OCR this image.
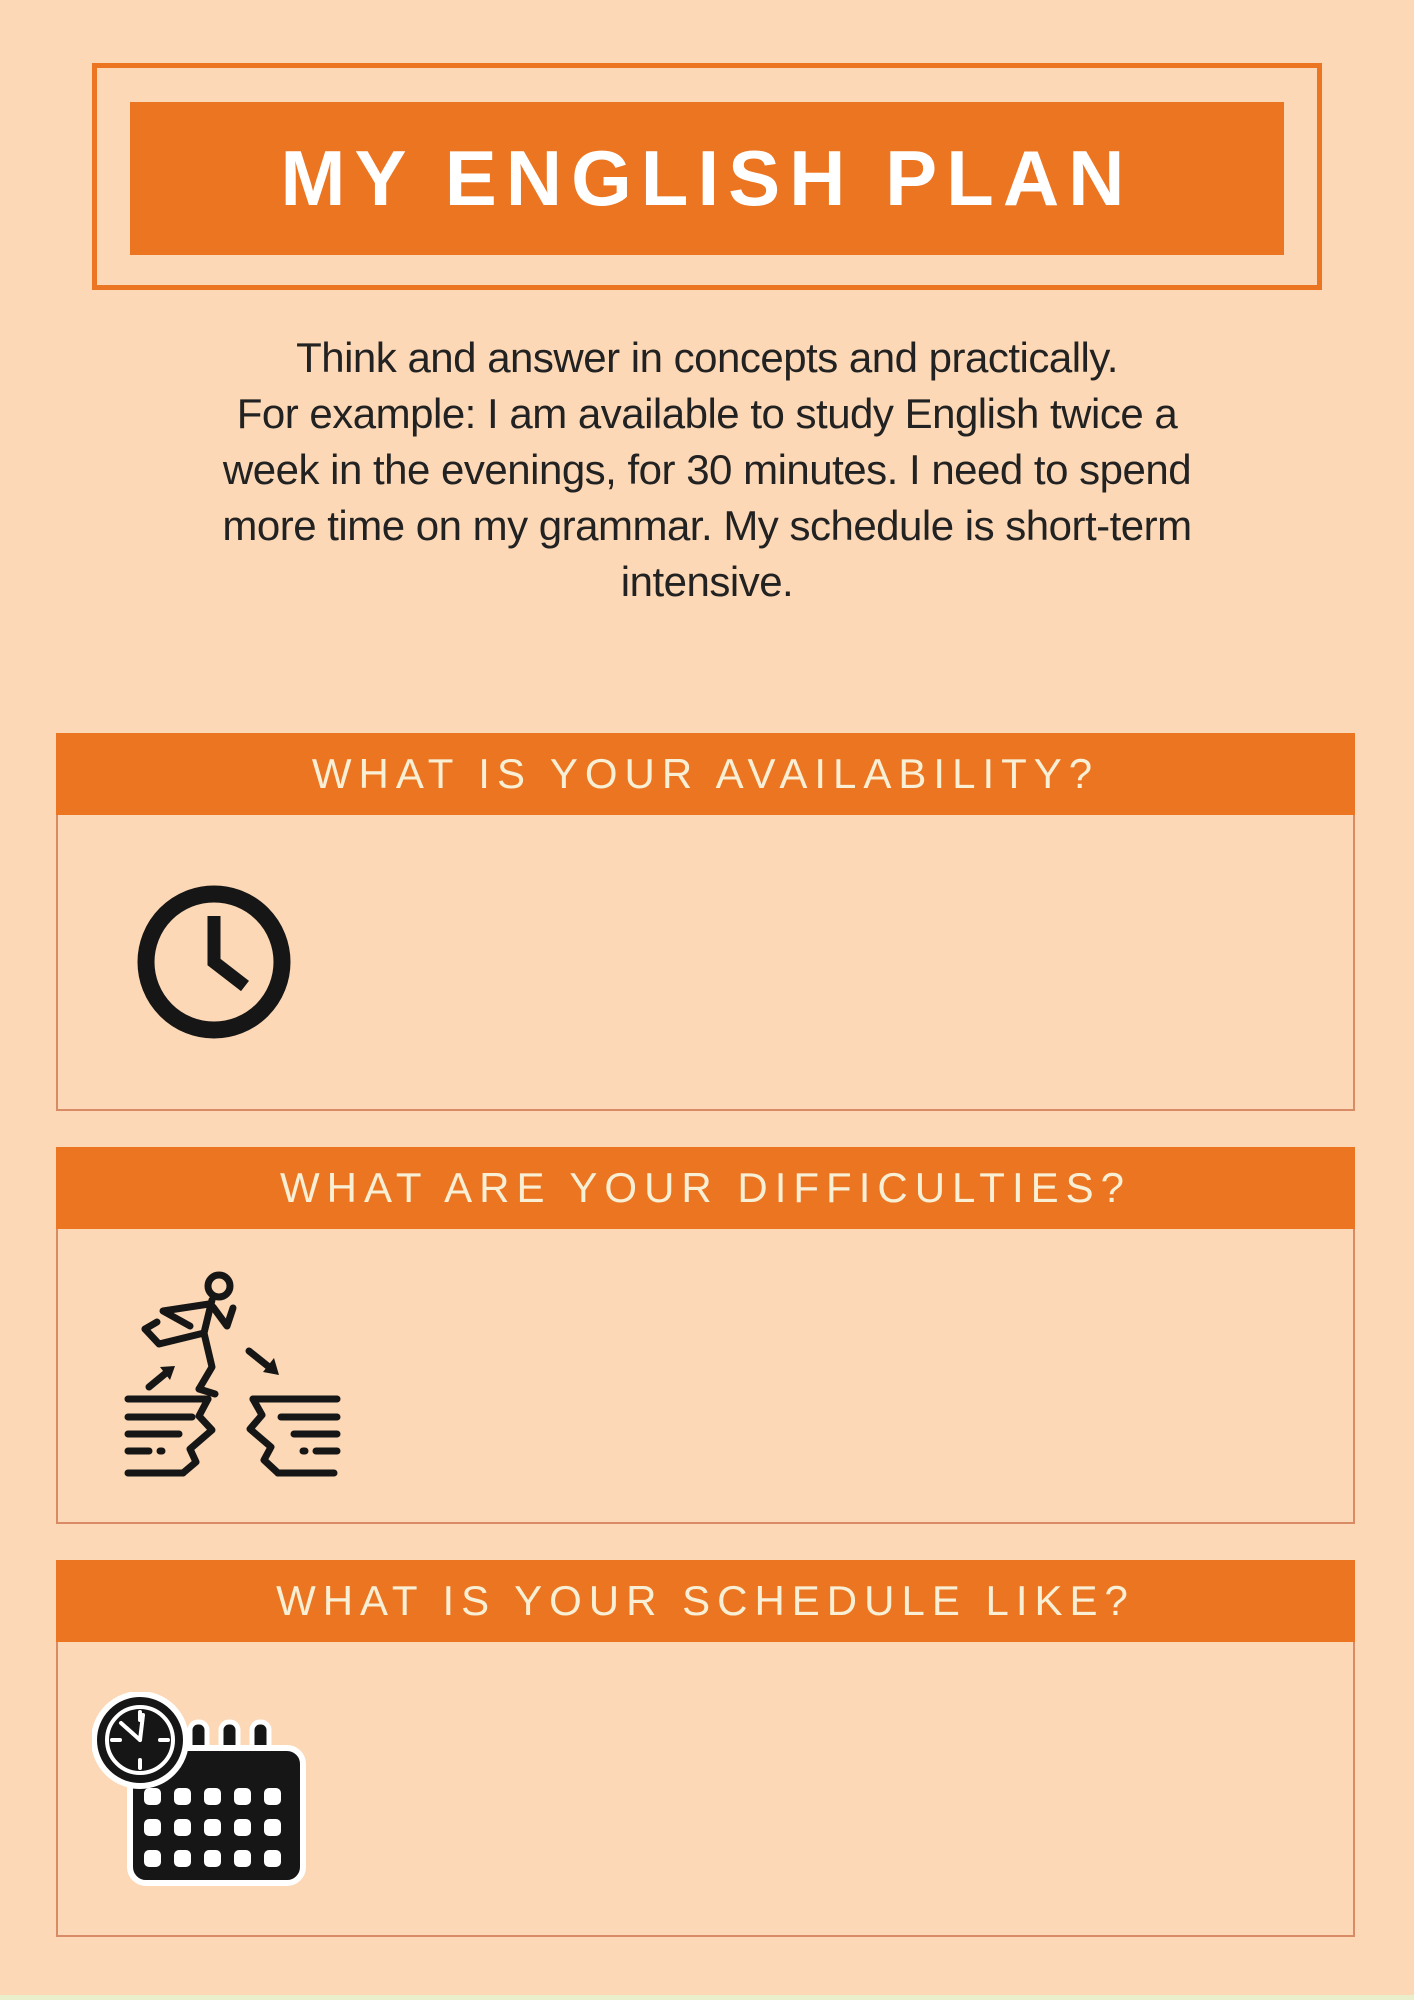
MY ENGLISH PLAN
Think and answer in concepts and practically.
For example: I am available to study English twice a
week in the evenings, for 30 minutes. I need to spend
more time on my grammar. My schedule is short-term
intensive.
WHAT IS YOUR AVAILABILITY?
WHAT ARE YOUR DIFFICULTIES?
WHAT IS YOUR SCHEDULE LIKE?
